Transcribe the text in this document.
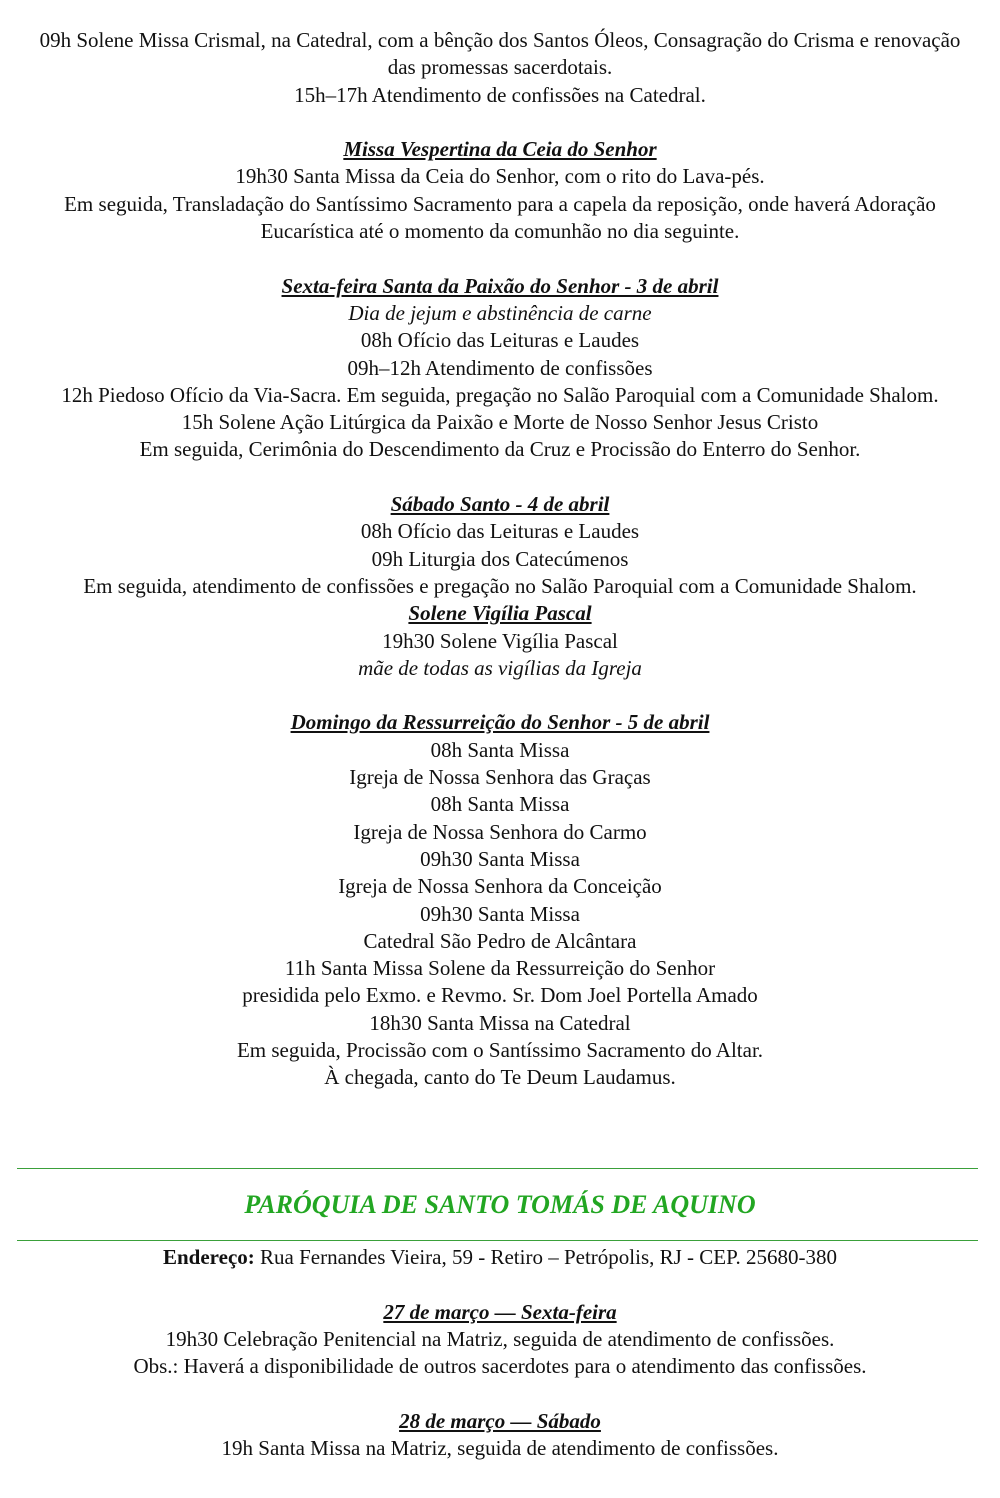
09h Solene Missa Crismal, na Catedral, com a bênção dos Santos Óleos, Consagração do Crisma e renovação das promessas sacerdotais.
15h–17h Atendimento de confissões na Catedral.
Missa Vespertina da Ceia do Senhor
19h30 Santa Missa da Ceia do Senhor, com o rito do Lava-pés.
Em seguida, Transladação do Santíssimo Sacramento para a capela da reposição, onde haverá Adoração Eucarística até o momento da comunhão no dia seguinte.
Sexta-feira Santa da Paixão do Senhor - 3 de abril
Dia de jejum e abstinência de carne
08h Ofício das Leituras e Laudes
09h–12h Atendimento de confissões
12h Piedoso Ofício da Via-Sacra. Em seguida, pregação no Salão Paroquial com a Comunidade Shalom.
15h Solene Ação Litúrgica da Paixão e Morte de Nosso Senhor Jesus Cristo
Em seguida, Cerimônia do Descendimento da Cruz e Procissão do Enterro do Senhor.
Sábado Santo - 4 de abril
08h Ofício das Leituras e Laudes
09h Liturgia dos Catecúmenos
Em seguida, atendimento de confissões e pregação no Salão Paroquial com a Comunidade Shalom.
Solene Vigília Pascal
19h30 Solene Vigília Pascal
mãe de todas as vigílias da Igreja
Domingo da Ressurreição do Senhor - 5 de abril
08h Santa Missa
Igreja de Nossa Senhora das Graças
08h Santa Missa
Igreja de Nossa Senhora do Carmo
09h30 Santa Missa
Igreja de Nossa Senhora da Conceição
09h30 Santa Missa
Catedral São Pedro de Alcântara
11h Santa Missa Solene da Ressurreição do Senhor
presidida pelo Exmo. e Revmo. Sr. Dom Joel Portella Amado
18h30 Santa Missa na Catedral
Em seguida, Procissão com o Santíssimo Sacramento do Altar.
À chegada, canto do Te Deum Laudamus.
PARÓQUIA DE SANTO TOMÁS DE AQUINO
Endereço: Rua Fernandes Vieira, 59 - Retiro – Petrópolis, RJ - CEP. 25680-380
27 de março — Sexta-feira
19h30 Celebração Penitencial na Matriz, seguida de atendimento de confissões.
Obs.: Haverá a disponibilidade de outros sacerdotes para o atendimento das confissões.
28 de março — Sábado
19h Santa Missa na Matriz, seguida de atendimento de confissões.
